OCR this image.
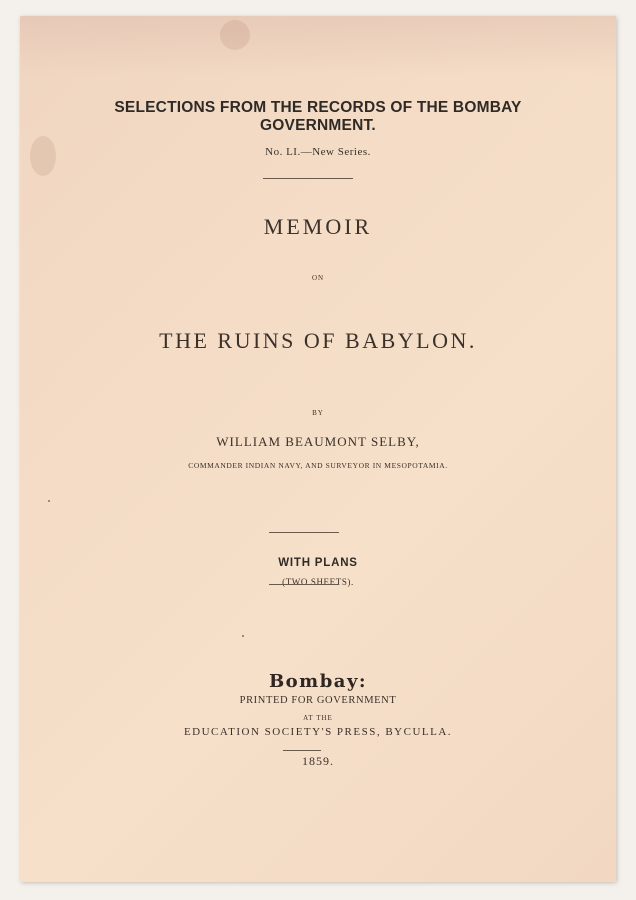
SELECTIONS FROM THE RECORDS OF THE BOMBAY
GOVERNMENT.
No. LI.—New Series.
MEMOIR
ON
THE RUINS OF BABYLON.
BY
WILLIAM BEAUMONT SELBY,
COMMANDER INDIAN NAVY, AND SURVEYOR IN MESOPOTAMIA.
WITH PLANS
(TWO SHEETS).
Bombay:
PRINTED FOR GOVERNMENT
AT THE
EDUCATION SOCIETY'S PRESS, BYCULLA.
1859.
